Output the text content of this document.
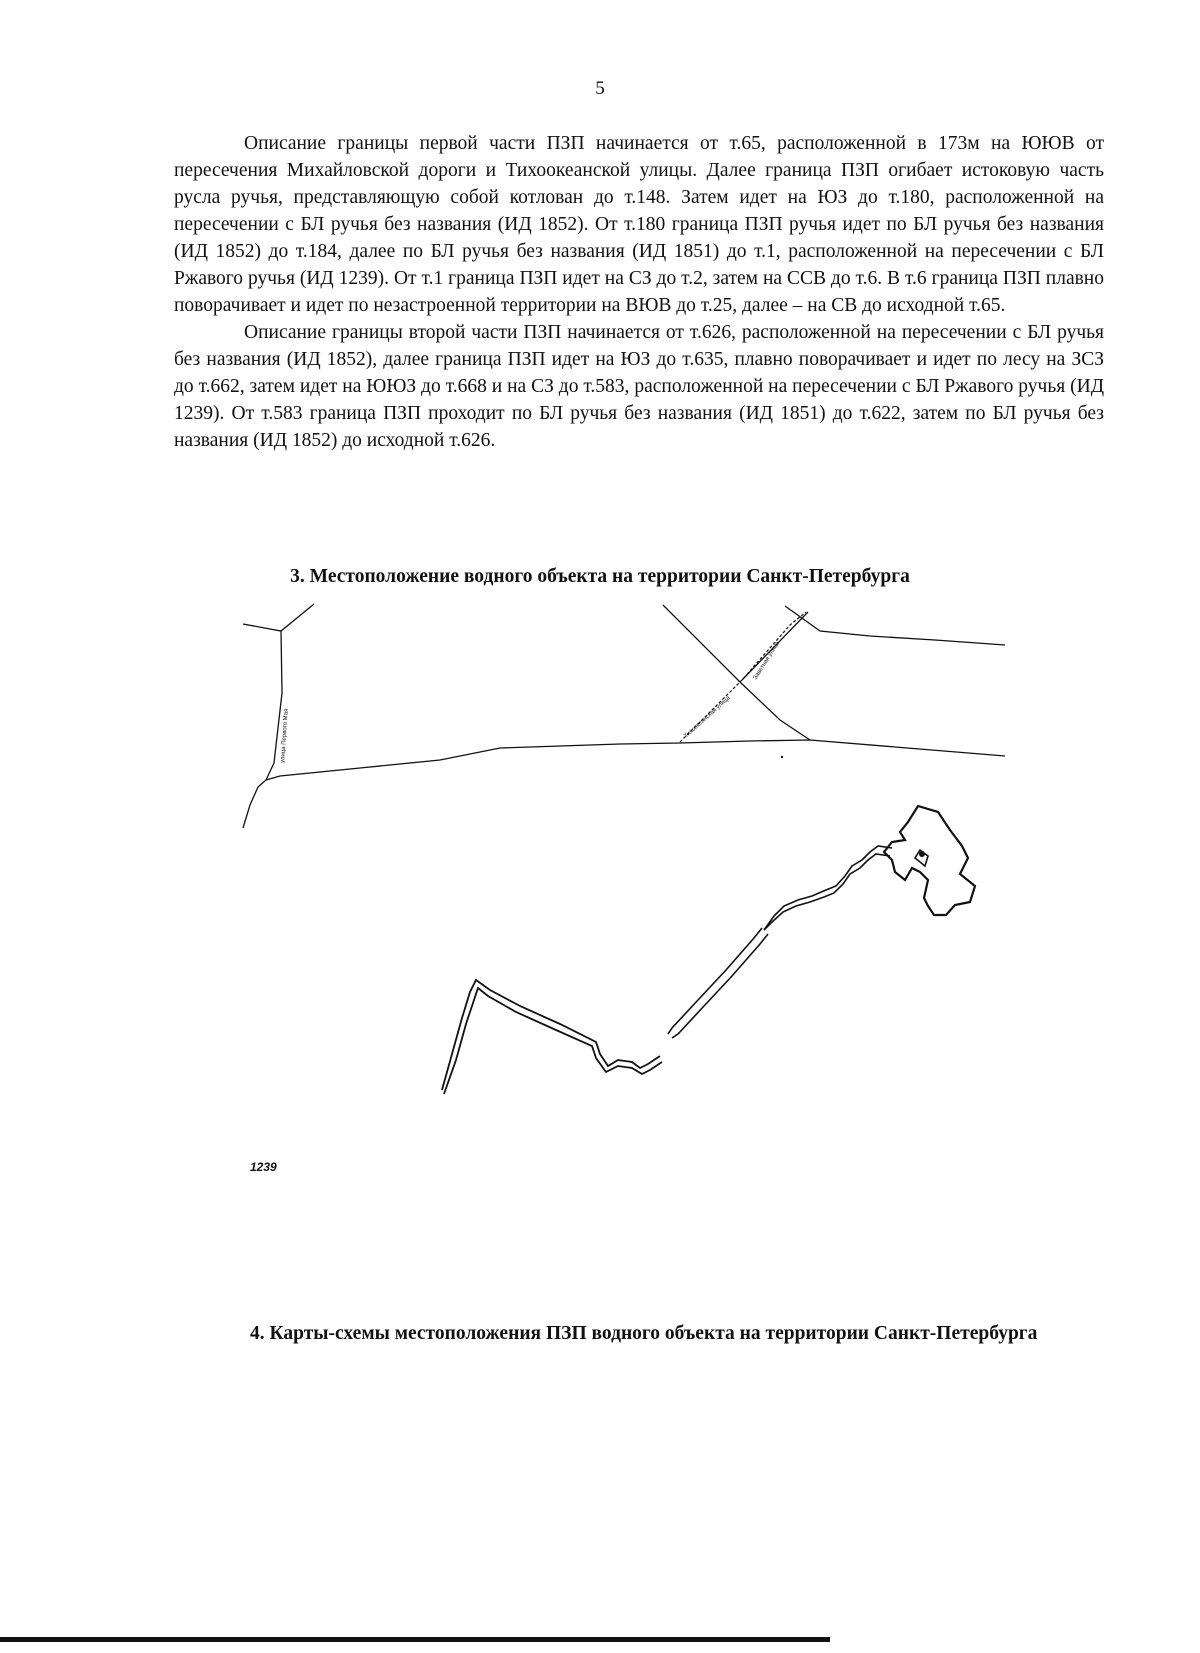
5

Описание границы первой части ПЗП начинается от т.65, расположенной в 173м на ЮЮВ от пересечения Михайловской дороги и Тихоокеанской улицы. Далее граница ПЗП огибает истоковую часть русла ручья, представляющую собой котлован до т.148. Затем идет на ЮЗ до т.180, расположенной на пересечении с БЛ ручья без названия (ИД 1852). От т.180 граница ПЗП ручья идет по БЛ ручья без названия (ИД 1852) до т.184, далее по БЛ ручья без названия (ИД 1851) до т.1, расположенной на пересечении с БЛ Ржавого ручья (ИД 1239). От т.1 граница ПЗП идет на СЗ до т.2, затем на ССВ до т.6. В т.6 граница ПЗП плавно поворачивает и идет по незастроенной территории на ВЮВ до т.25, далее – на СВ до исходной т.65.

Описание границы второй части ПЗП начинается от т.626, расположенной на пересечении с БЛ ручья без названия (ИД 1852), далее граница ПЗП идет на ЮЗ до т.635, плавно поворачивает и идет по лесу на ЗСЗ до т.662, затем идет на ЮЮЗ до т.668 и на СЗ до т.583, расположенной на пересечении с БЛ Ржавого ручья (ИД 1239). От т.583 граница ПЗП проходит по БЛ ручья без названия (ИД 1851) до т.622, затем по БЛ ручья без названия (ИД 1852) до исходной т.626.

3. Местоположение водного объекта на территории Санкт-Петербурга
улица Первого Мая	Тихоокеанская улица
Заветная улица
1239
4. Карты-схемы местоположения ПЗП водного объекта на территории Санкт-Петербурга
